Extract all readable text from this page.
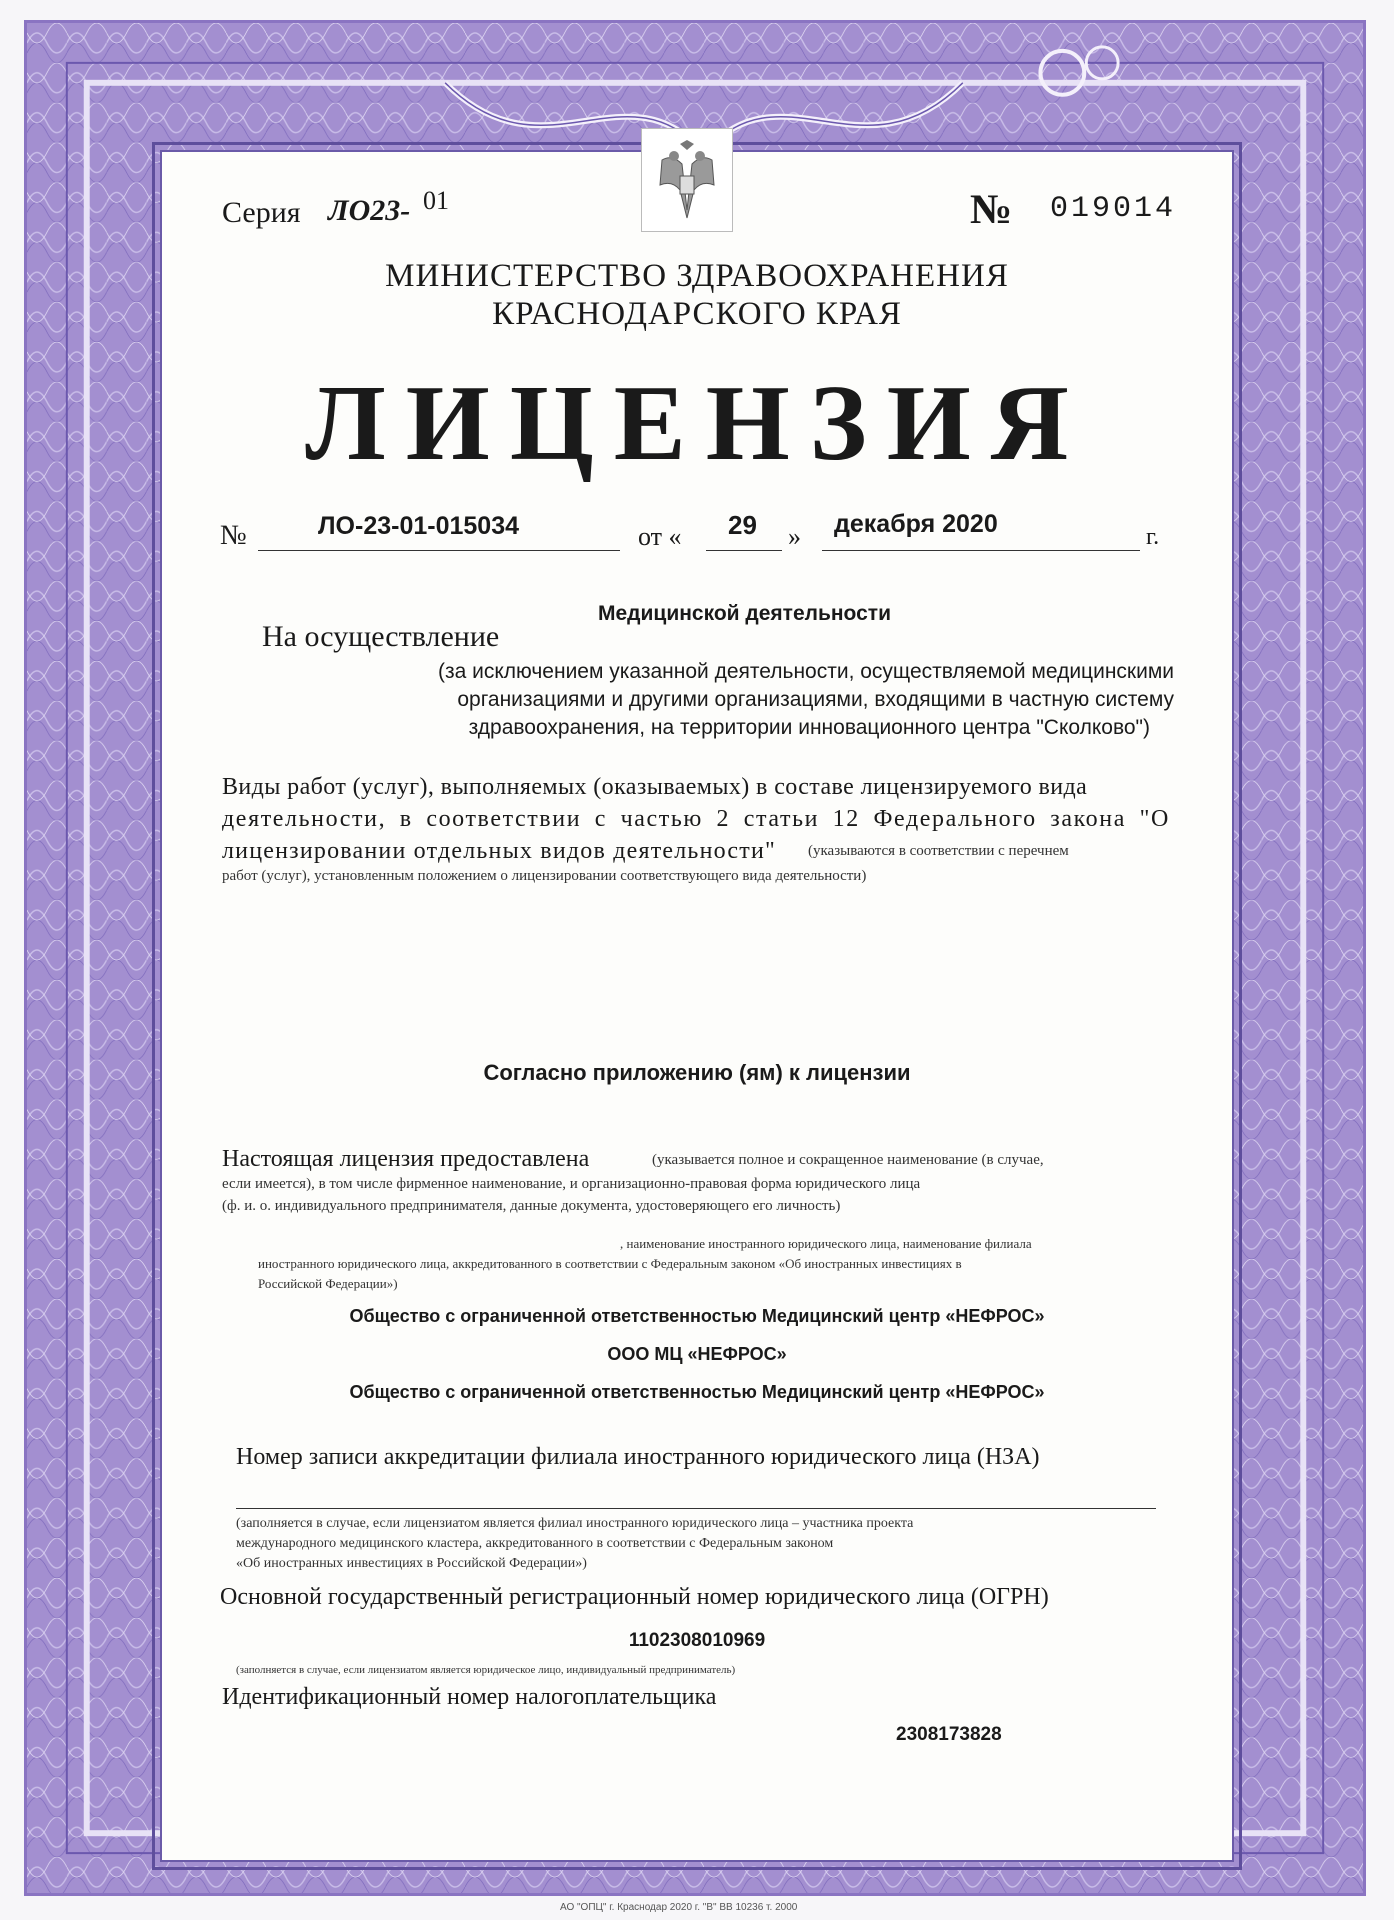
Серия ЛО23- 01	№ 019014
МИНИСТЕРСТВО ЗДРАВООХРАНЕНИЯ
КРАСНОДАРСКОГО КРАЯ
ЛИЦЕНЗИЯ
№	ЛО-23-01-015034	от « 29 » декабря 2020	г.
Медицинской деятельности
На осуществление
(за исключением указанной деятельности, осуществляемой медицинскими
организациями и другими организациями, входящими в частную систему
здравоохранения, на территории инновационного центра "Сколково")
Виды работ (услуг), выполняемых (оказываемых) в составе лицензируемого вида
деятельности, в соответствии с частью 2 статьи 12 Федерального закона "О
лицензировании отдельных видов деятельности" (указываются в соответствии с перечнем
работ (услуг), установленным положением о лицензировании соответствующего вида деятельности)
Согласно приложению (ям) к лицензии
Настоящая лицензия предоставлена	(указывается полное и сокращенное наименование (в случае,
если имеется), в том числе фирменное наименование, и организационно-правовая форма юридического лица
(ф. и. о. индивидуального предпринимателя, данные документа, удостоверяющего его личность)
, наименование иностранного юридического лица, наименование филиала
иностранного юридического лица, аккредитованного в соответствии с Федеральным законом «Об иностранных инвестициях в
Российской Федерации»)
Общество с ограниченной ответственностью Медицинский центр «НЕФРОС»
ООО МЦ «НЕФРОС»
Общество с ограниченной ответственностью Медицинский центр «НЕФРОС»
Номер записи аккредитации филиала иностранного юридического лица (НЗА)
(заполняется в случае, если лицензиатом является филиал иностранного юридического лица – участника проекта
международного медицинского кластера, аккредитованного в соответствии с Федеральным законом
«Об иностранных инвестициях в Российской Федерации»)
Основной государственный регистрационный номер юридического лица (ОГРН)
1102308010969
(заполняется в случае, если лицензиатом является юридическое лицо, индивидуальный предприниматель)
Идентификационный номер налогоплательщика
2308173828
АО "ОПЦ" г. Краснодар 2020 г. "В" ВВ 10236 т. 2000
